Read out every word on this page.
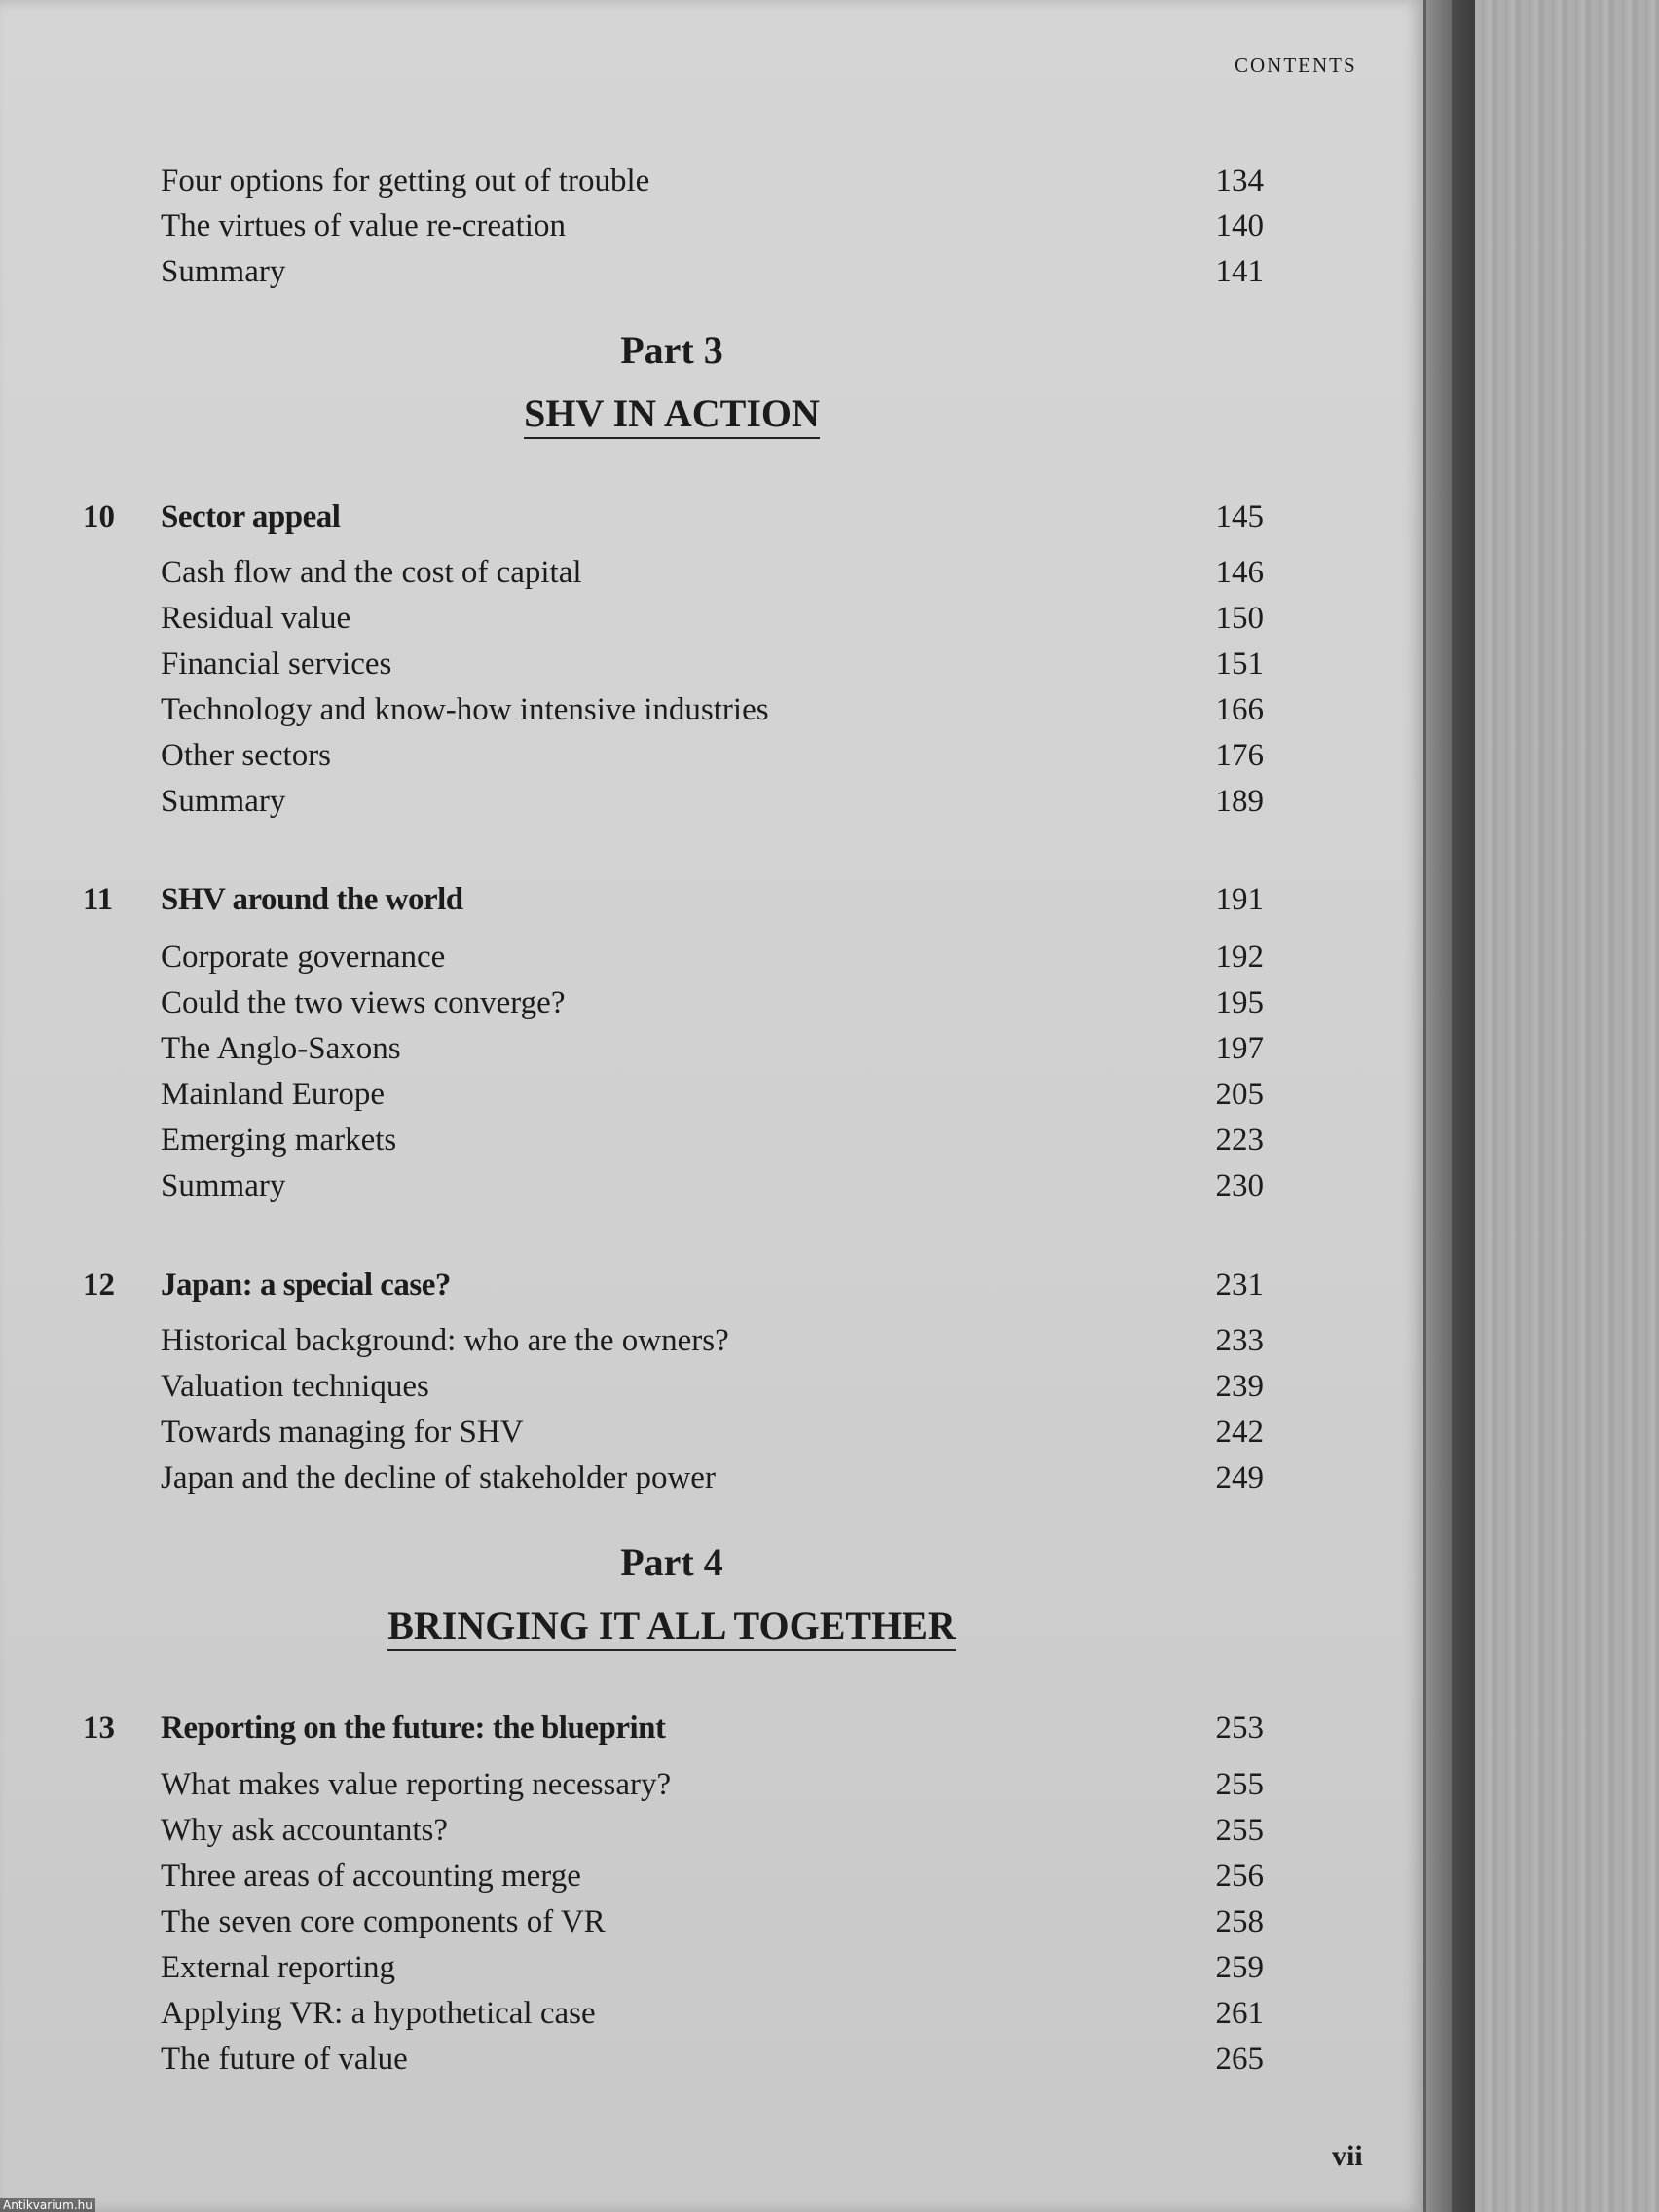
CONTENTS
Four options for getting out of trouble	134
The virtues of value re-creation	140
Summary	141
Part 3
SHV IN ACTION
10 Sector appeal	145
Cash flow and the cost of capital	146
Residual value	150
Financial services	151
Technology and know-how intensive industries	166
Other sectors	176
Summary	189
11 SHV around the world	191
Corporate governance	192
Could the two views converge?	195
The Anglo-Saxons	197
Mainland Europe	205
Emerging markets	223
Summary	230
12 Japan: a special case?	231
Historical background: who are the owners?	233
Valuation techniques	239
Towards managing for SHV	242
Japan and the decline of stakeholder power	249
Part 4
BRINGING IT ALL TOGETHER
13 Reporting on the future: the blueprint	253
What makes value reporting necessary?	255
Why ask accountants?	255
Three areas of accounting merge	256
The seven core components of VR	258
External reporting	259
Applying VR: a hypothetical case	261
The future of value	265
vii
Antikvarium.hu
